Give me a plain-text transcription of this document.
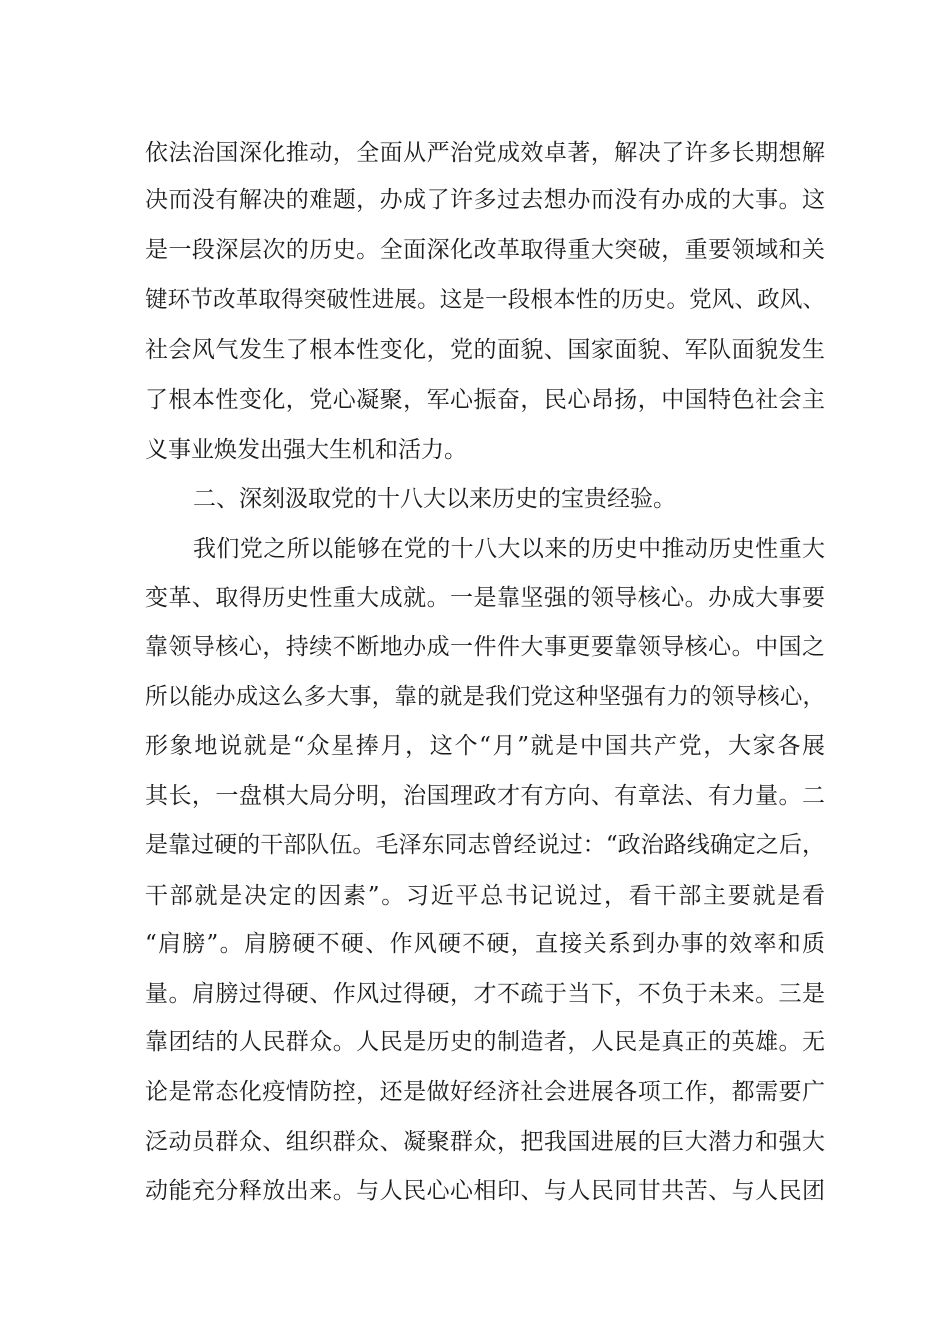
依法治国深化推动，全面从严治党成效卓著，解决了许多长期想解
决而没有解决的难题，办成了许多过去想办而没有办成的大事。这
是一段深层次的历史。全面深化改革取得重大突破，重要领域和关
键环节改革取得突破性进展。这是一段根本性的历史。党风、政风、
社会风气发生了根本性变化，党的面貌、国家面貌、军队面貌发生
了根本性变化，党心凝聚，军心振奋，民心昂扬，中国特色社会主
义事业焕发出强大生机和活力。
二、深刻汲取党的十八大以来历史的宝贵经验。
我们党之所以能够在党的十八大以来的历史中推动历史性重大
变革、取得历史性重大成就。一是靠坚强的领导核心。办成大事要
靠领导核心，持续不断地办成一件件大事更要靠领导核心。中国之
所以能办成这么多大事，靠的就是我们党这种坚强有力的领导核心，
形象地说就是“众星捧月，这个“月”就是中国共产党，大家各展
其长，一盘棋大局分明，治国理政才有方向、有章法、有力量。二
是靠过硬的干部队伍。毛泽东同志曾经说过：“政治路线确定之后，
干部就是决定的因素”。习近平总书记说过，看干部主要就是看
“肩膀”。肩膀硬不硬、作风硬不硬，直接关系到办事的效率和质
量。肩膀过得硬、作风过得硬，才不疏于当下，不负于未来。三是
靠团结的人民群众。人民是历史的制造者，人民是真正的英雄。无
论是常态化疫情防控，还是做好经济社会进展各项工作，都需要广
泛动员群众、组织群众、凝聚群众，把我国进展的巨大潜力和强大
动能充分释放出来。与人民心心相印、与人民同甘共苦、与人民团
